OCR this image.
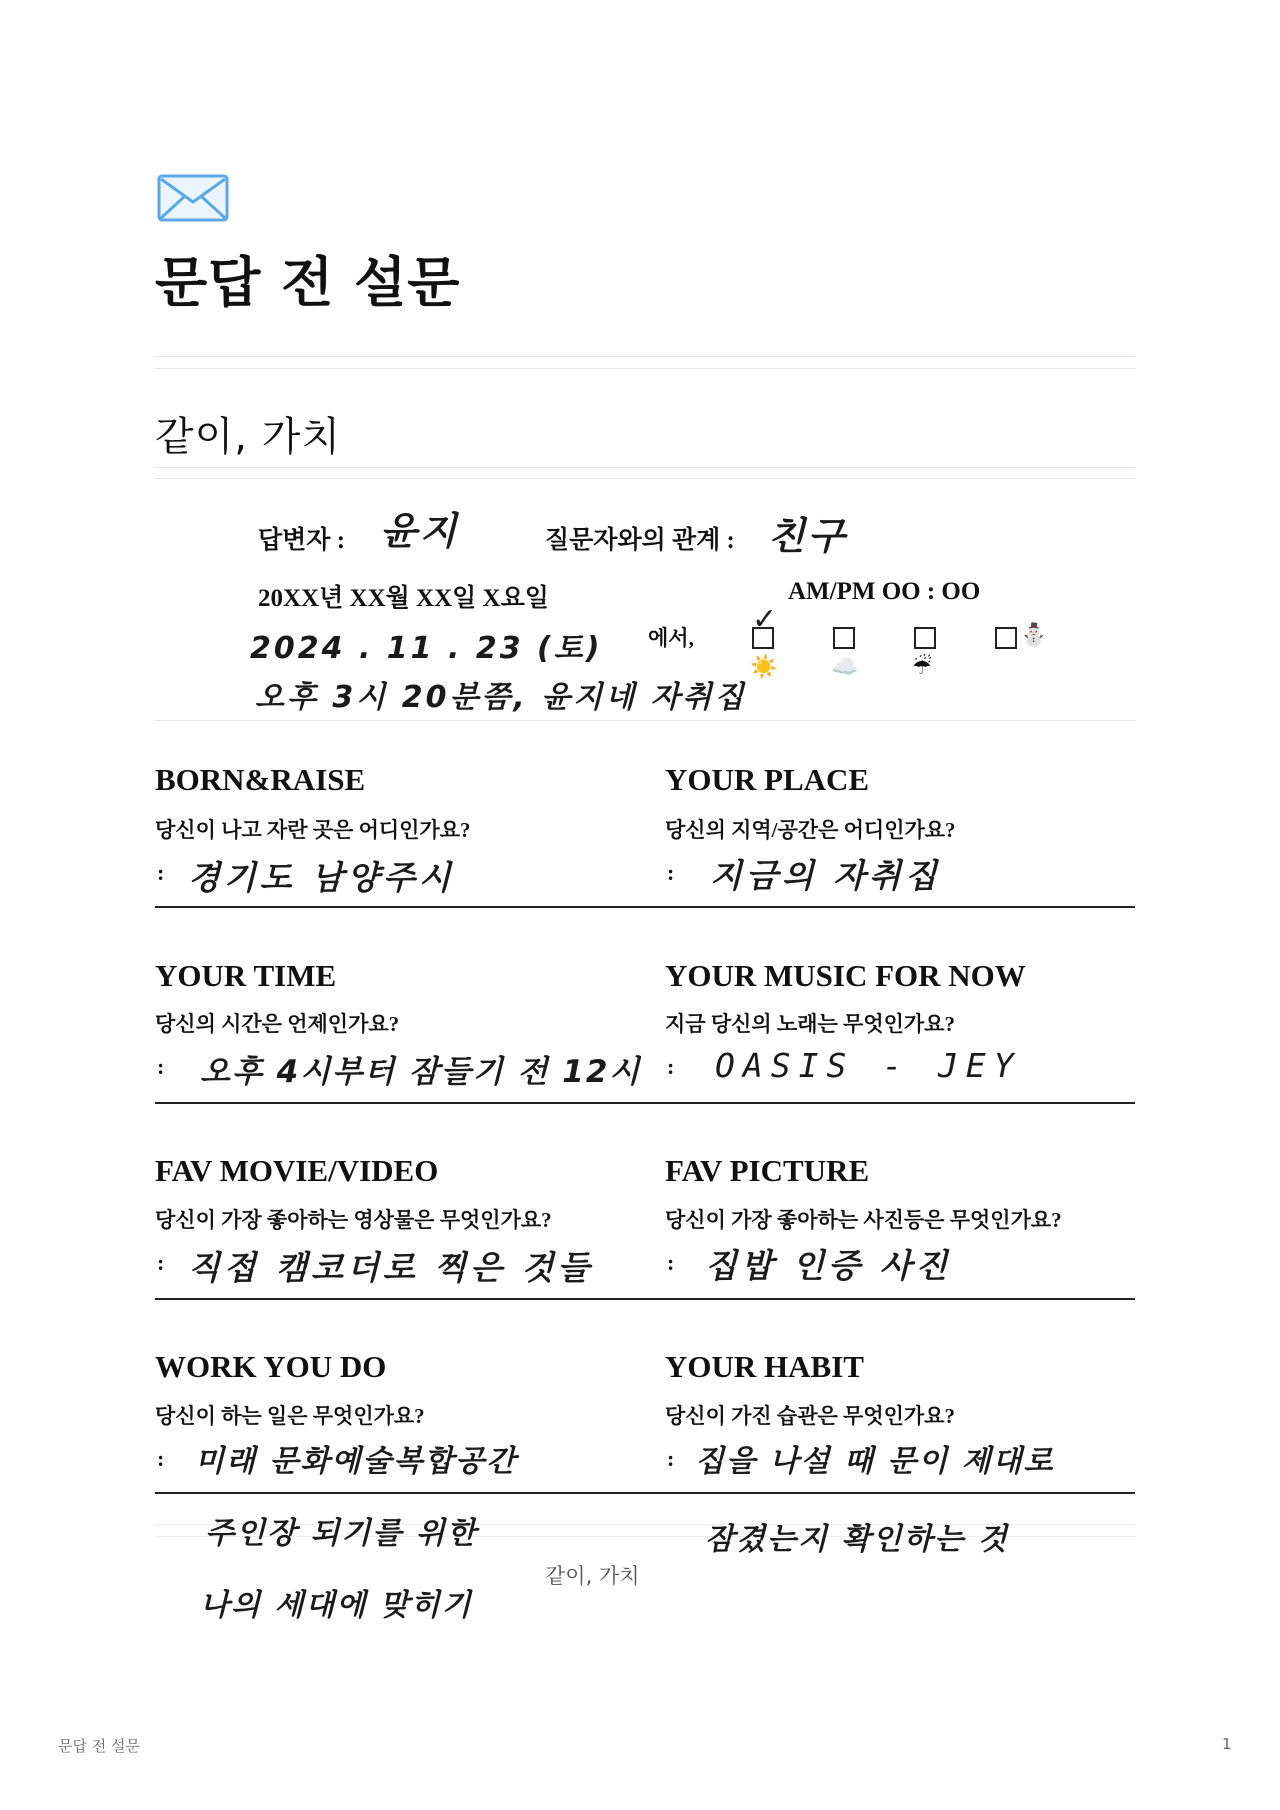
문답 전 설문
같이, 가치
답변자 : 윤지	질문자와의 관계 : 친구
20XX년 XX월 XX일 X요일	AM/PM OO : OO
2024 . 11 . 23 (토)
오후 3시 20분쯤, 윤지네 자취집
에서,
✓
☀️ ☁️ ☔
⛄
BORN&RAISE
당신이 나고 자란 곳은 어디인가요?
: 경기도 남양주시
YOUR PLACE
당신의 지역/공간은 어디인가요?
: 지금의 자취집
YOUR TIME
당신의 시간은 언제인가요?
: 오후 4시부터 잠들기 전 12시
YOUR MUSIC FOR NOW
지금 당신의 노래는 무엇인가요?
: OASIS - JEY
FAV MOVIE/VIDEO
당신이 가장 좋아하는 영상물은 무엇인가요?
: 직접 캠코더로 찍은 것들
FAV PICTURE
당신이 가장 좋아하는 사진등은 무엇인가요?
: 집밥 인증 사진
WORK YOU DO
당신이 하는 일은 무엇인가요?
: 미래 문화예술복합공간
YOUR HABIT
당신이 가진 습관은 무엇인가요?
: 집을 나설 때 문이 제대로
주인장 되기를 위한
나의 세대에 맞히기
잠겼는지 확인하는 것
같이, 가치
문답 전 설문	1
